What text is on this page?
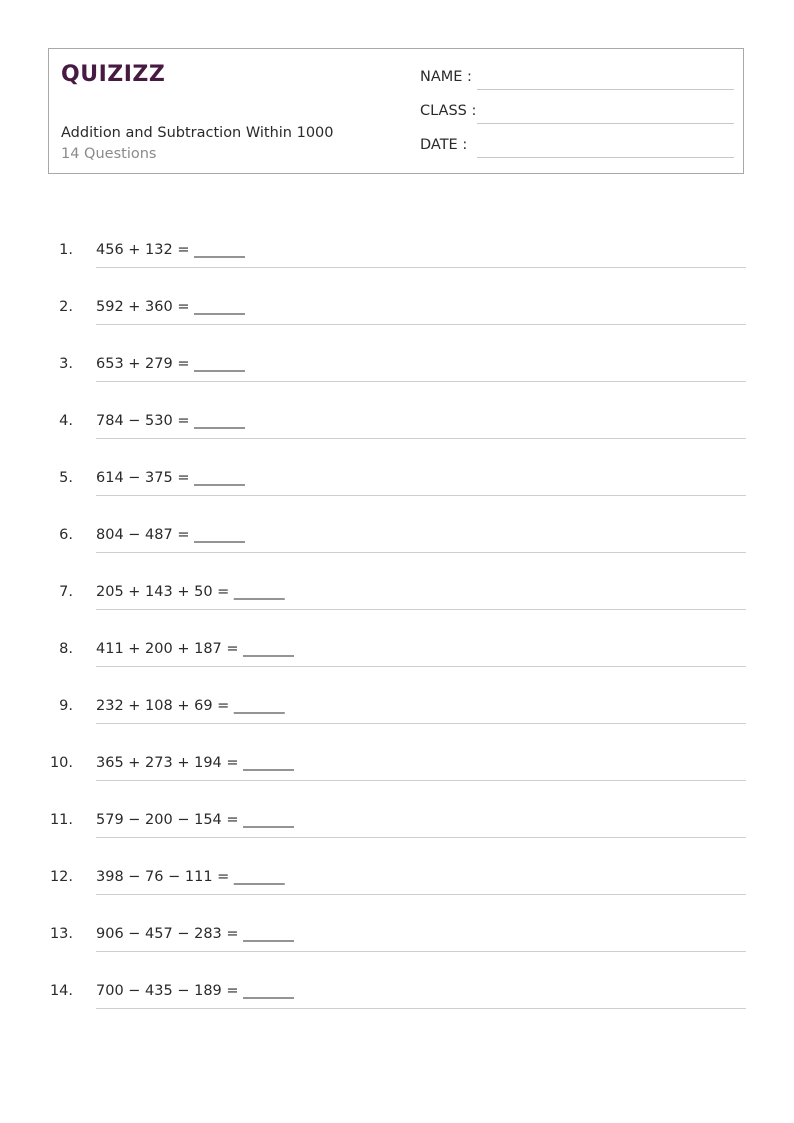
QUIZIZZ
Addition and Subtraction Within 1000
14 Questions
NAME :
CLASS :
DATE :
1. 456 + 132 = _______
2. 592 + 360 = _______
3. 653 + 279 = _______
4. 784 − 530 = _______
5. 614 − 375 = _______
6. 804 − 487 = _______
7. 205 + 143 + 50 = _______
8. 411 + 200 + 187 = _______
9. 232 + 108 + 69 = _______
10. 365 + 273 + 194 = _______
11. 579 − 200 − 154 = _______
12. 398 − 76 − 111 = _______
13. 906 − 457 − 283 = _______
14. 700 − 435 − 189 = _______
